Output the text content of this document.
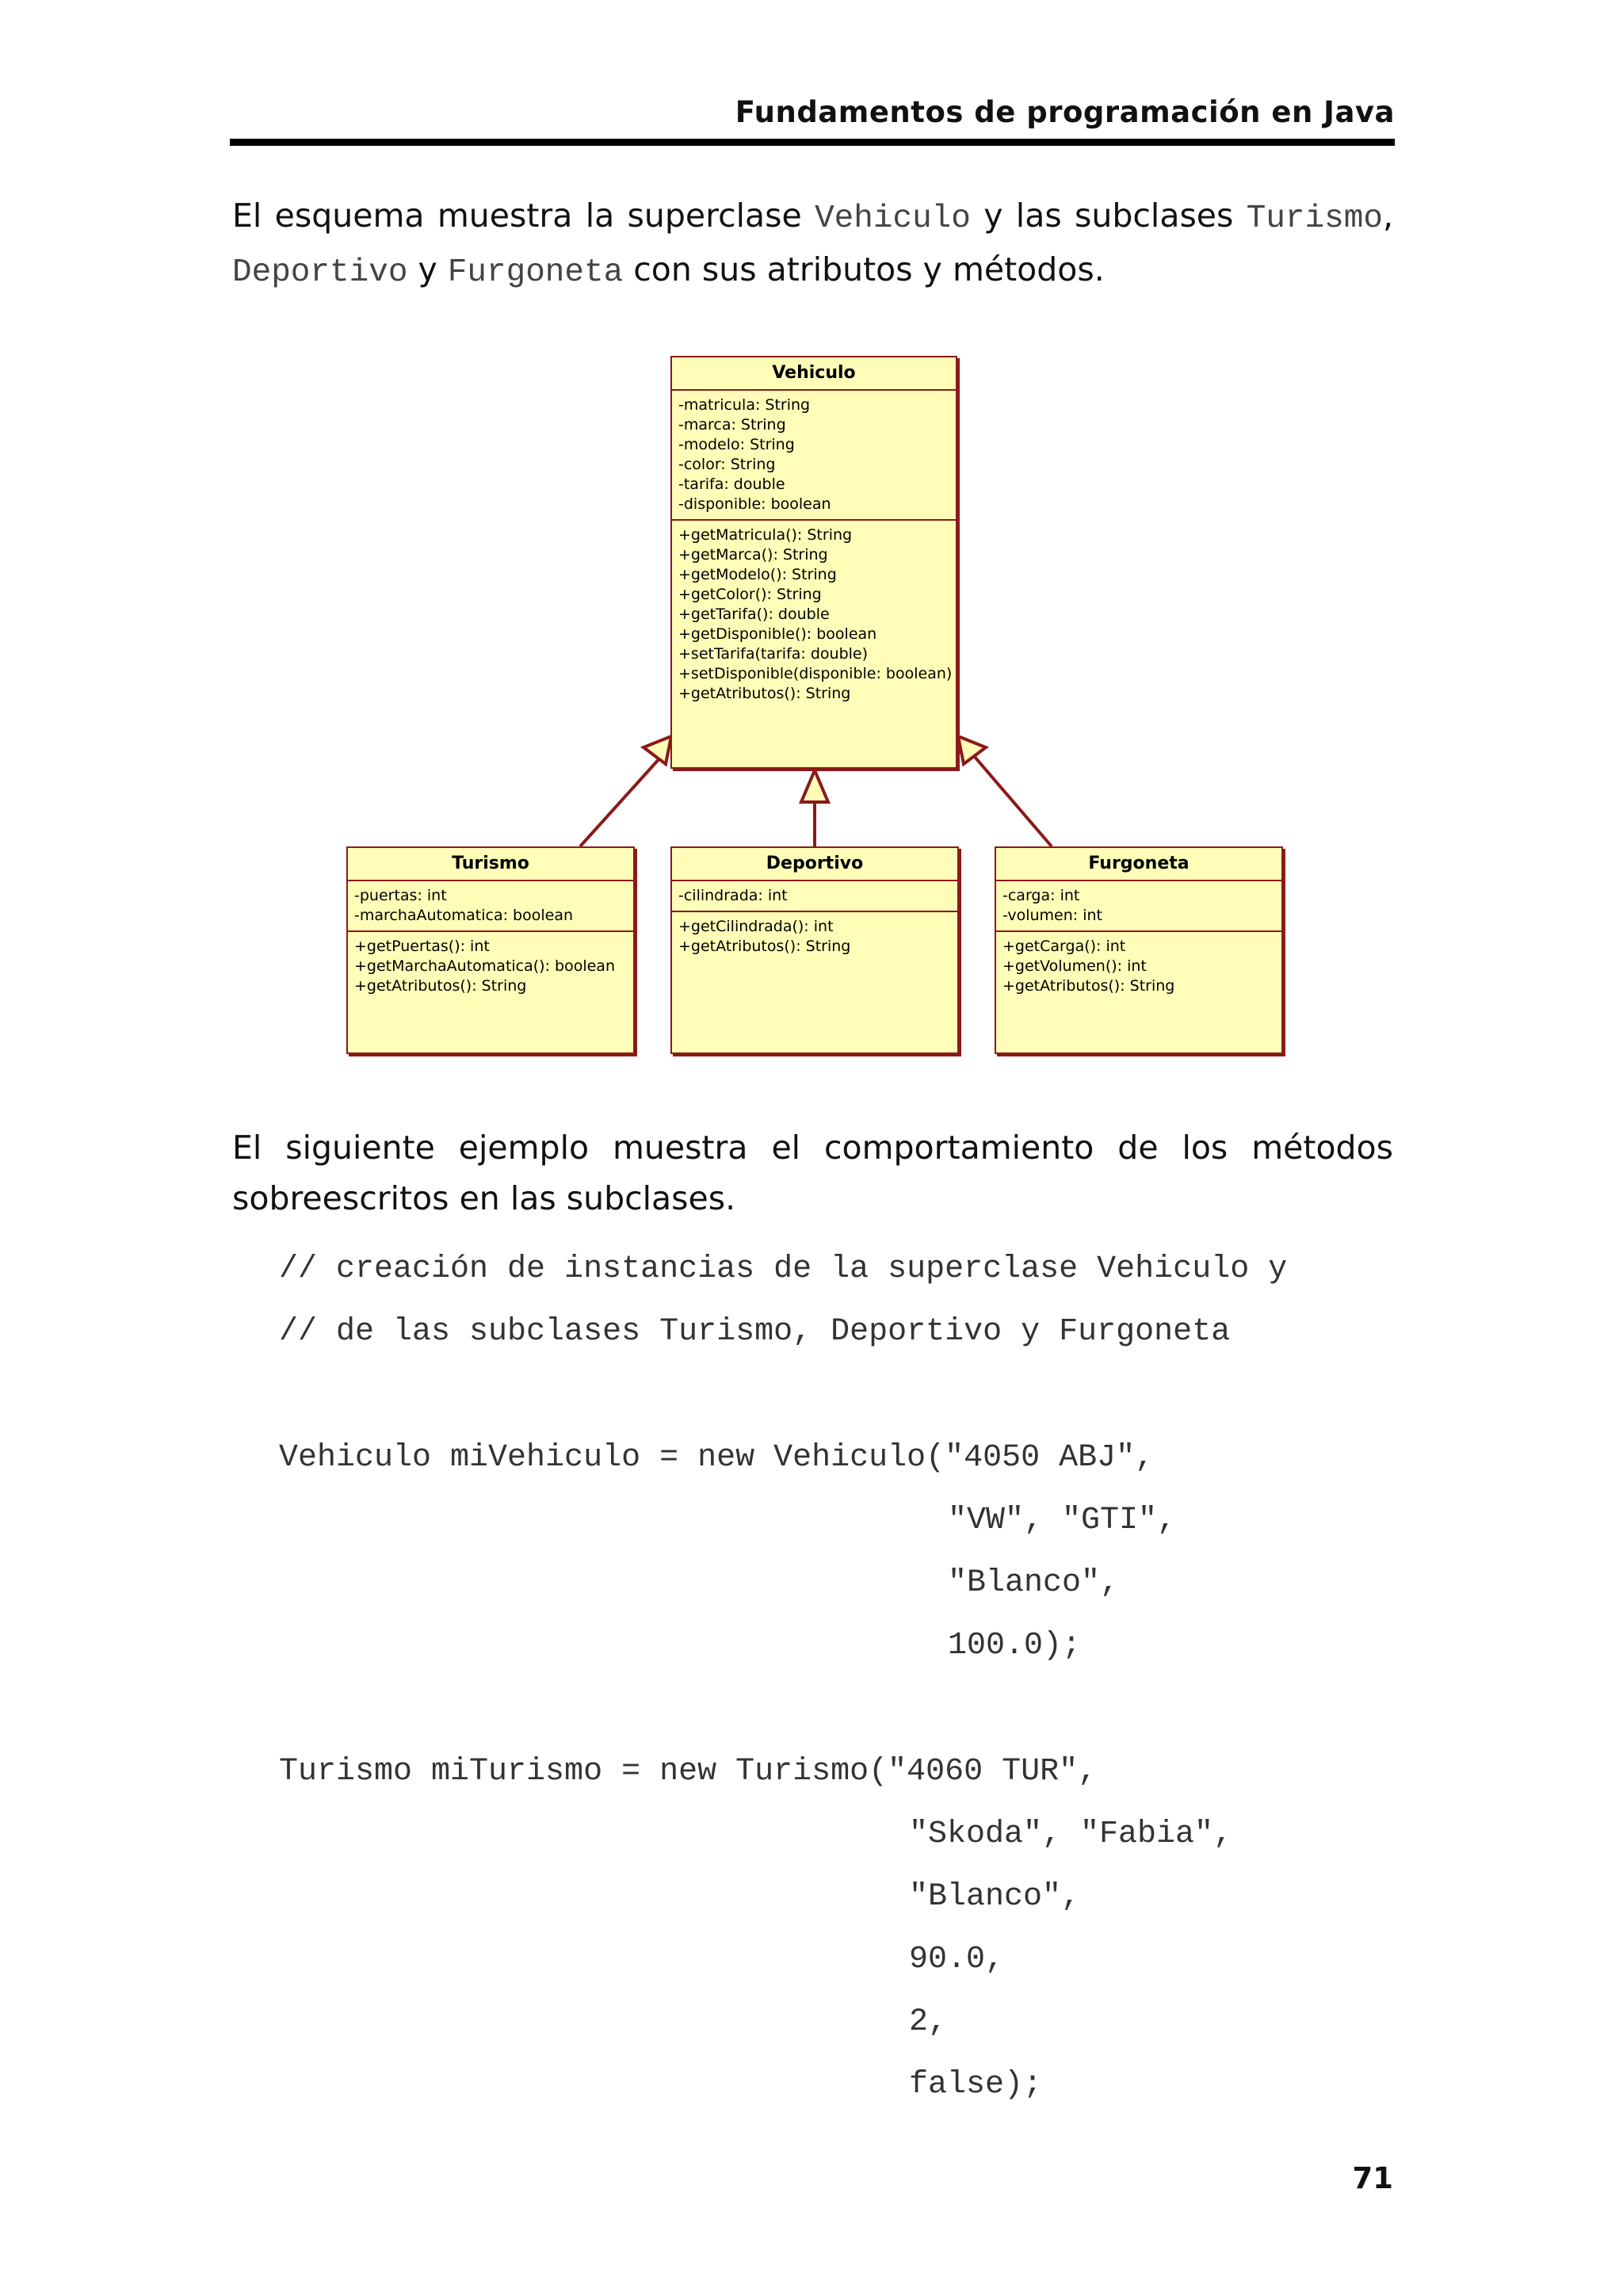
Fundamentos de programación en Java

El esquema muestra la superclase Vehiculo y las subclases Turismo, Deportivo y Furgoneta con sus atributos y métodos.

Vehiculo
-matricula: String
-marca: String
-modelo: String
-color: String
-tarifa: double
-disponible: boolean
+getMatricula(): String
+getMarca(): String
+getModelo(): String
+getColor(): String
+getTarifa(): double
+getDisponible(): boolean
+setTarifa(tarifa: double)
+setDisponible(disponible: boolean)
+getAtributos(): String
Turismo
-puertas: int
-marchaAutomatica: boolean
+getPuertas(): int
+getMarchaAutomatica(): boolean
+getAtributos(): String
Deportivo
-cilindrada: int
+getCilindrada(): int
+getAtributos(): String
Furgoneta
-carga: int
-volumen: int
+getCarga(): int
+getVolumen(): int
+getAtributos(): String
El siguiente ejemplo muestra el comportamiento de los métodos
sobreescritos en las subclases.
// creación de instancias de la superclase Vehiculo y
// de las subclases Turismo, Deportivo y Furgoneta
Vehiculo miVehiculo = new Vehiculo("4050 ABJ",
"VW", "GTI",
"Blanco",
100.0);
Turismo miTurismo = new Turismo("4060 TUR",
"Skoda", "Fabia",
"Blanco",
90.0,
2,
false);
71
